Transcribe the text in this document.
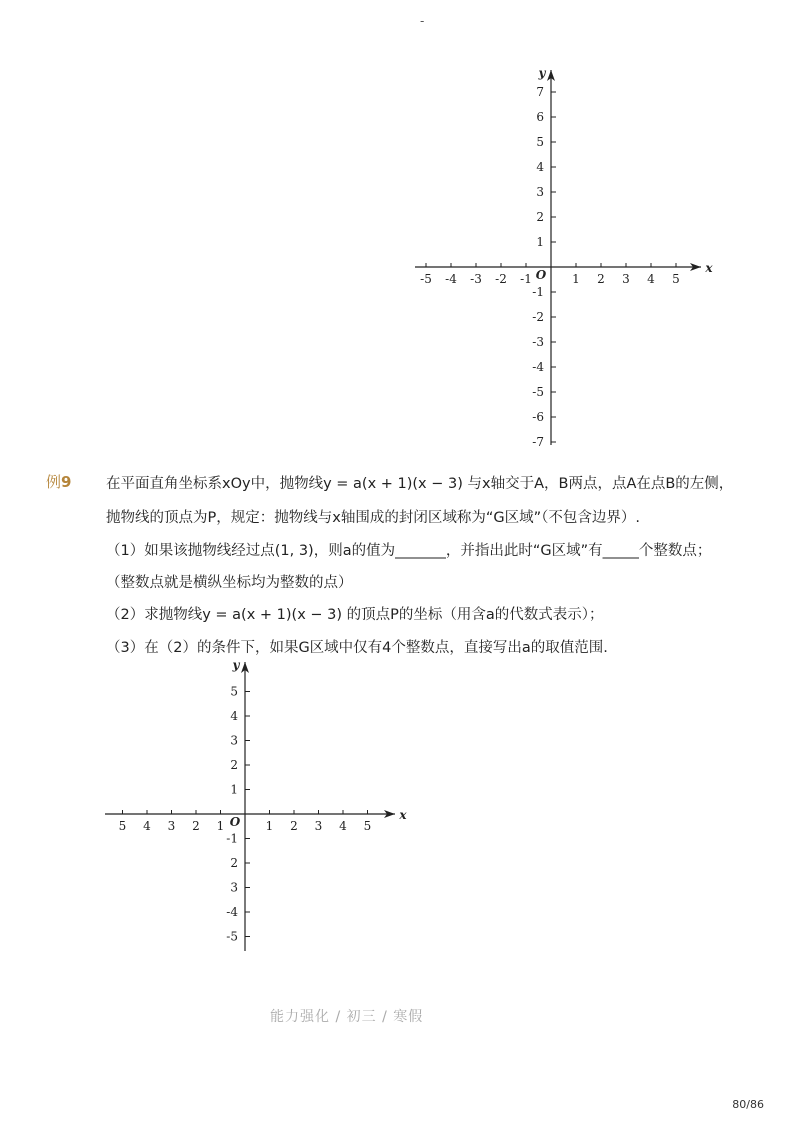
-
x
y
O
-5 -4 -3 -2 -1	1 2 3 4 5
7
6
5
4
3
2
1
-1
-2
-3
-4
-5
-6
-7
x
y
O
5 4 3 2 1	1 2 3 4 5
5
4
3
2
1
-1
2
3
-4
-5
例9 在平面直角坐标系xOy中，抛物线y = a(x + 1)(x − 3) 与x轴交于A，B两点，点A在点B的左侧，
抛物线的顶点为P，规定：抛物线与x轴围成的封闭区域称为“G区域”（不包含边界）.
（1）如果该抛物线经过点(1, 3)，则a的值为_______，并指出此时“G区域”有_____个整数点；
（整数点就是横纵坐标均为整数的点）
（2）求抛物线y = a(x + 1)(x − 3) 的顶点P的坐标（用含a的代数式表示）；
（3）在（2）的条件下，如果G区域中仅有4个整数点，直接写出a的取值范围.
能力强化 / 初三 / 寒假
80/86
